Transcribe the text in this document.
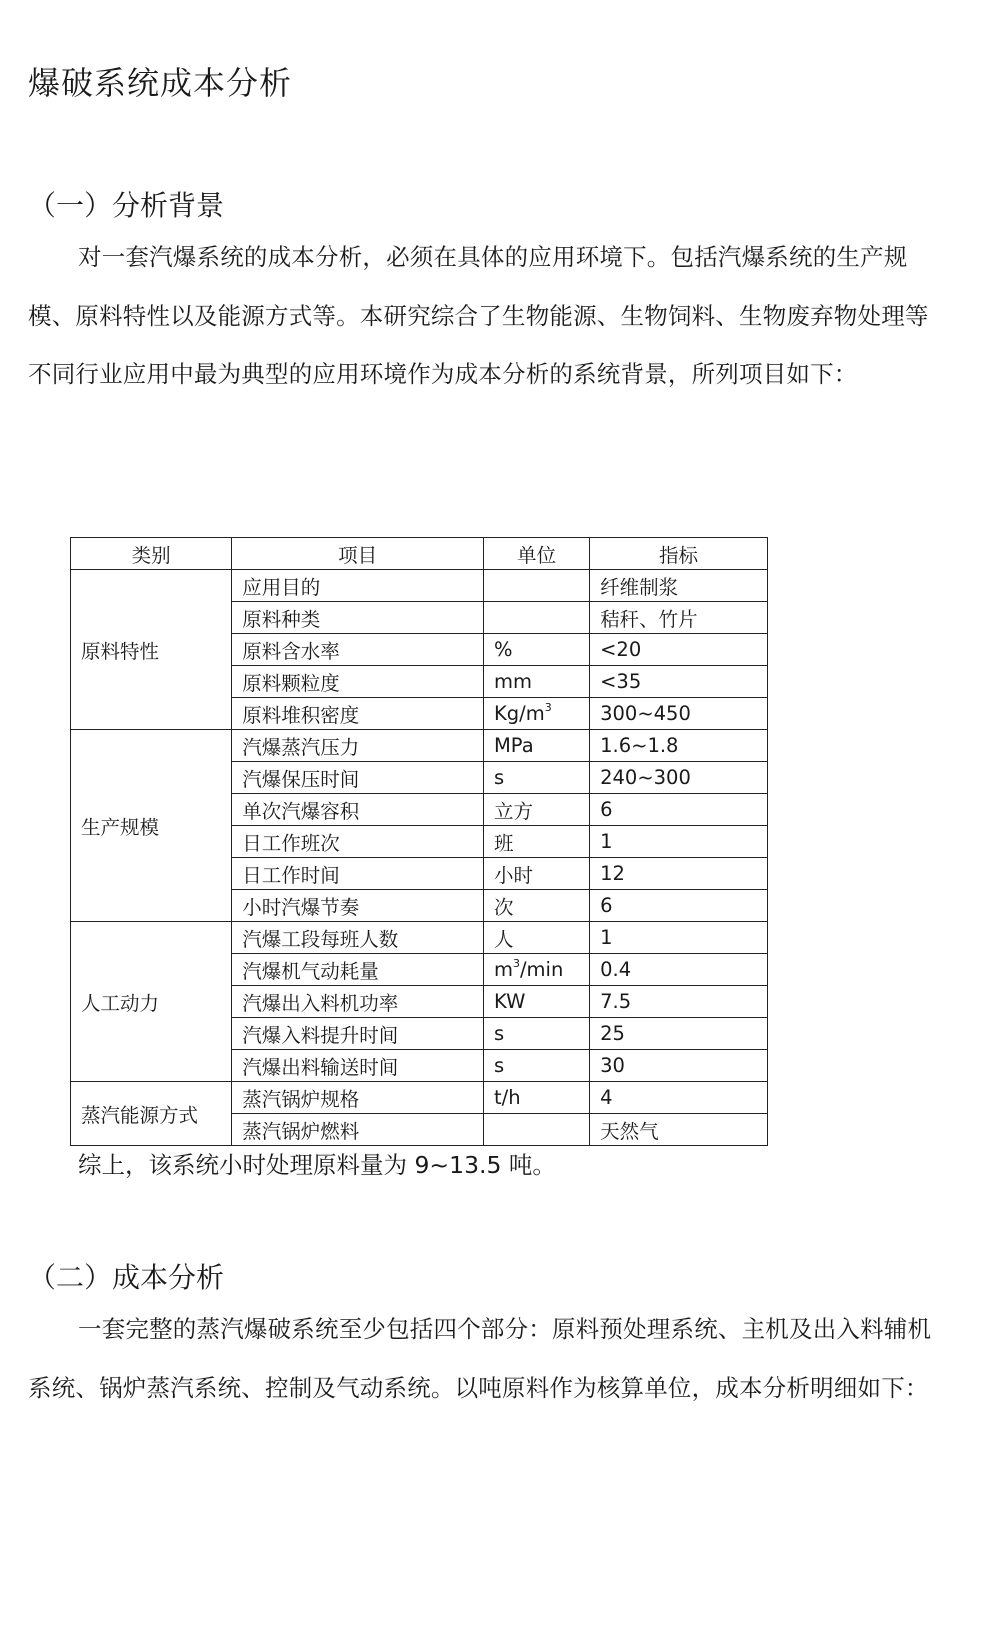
爆破系统成本分析
（一）分析背景

对一套汽爆系统的成本分析，必须在具体的应用环境下。包括汽爆系统的生产规模、原料特性以及能源方式等。本研究综合了生物能源、生物饲料、生物废弃物处理等不同行业应用中最为典型的应用环境作为成本分析的系统背景，所列项目如下：

类别	项目	单位	指标
原料特性	应用目的		纤维制浆
	原料种类		秸秆、竹片
	原料含水率	%	<20
	原料颗粒度	mm	<35
	原料堆积密度	$Kg/m^3$	300~450
生产规模	汽爆蒸汽压力	MPa	1.6~1.8
	汽爆保压时间	s	240~300
	单次汽爆容积	立方	6
	日工作班次	班	1
	日工作时间	小时	12
	小时汽爆节奏	次	6
人工动力	汽爆工段每班人数	人	1
	汽爆机气动耗量	$m^3/\min$	0.4
	汽爆出入料机功率	KW	7.5
	汽爆入料提升时间	s	25
	汽爆出料输送时间	s	30
蒸汽能源方式	蒸汽锅炉规格	t/h	4
	蒸汽锅炉燃料		天然气

综上，该系统小时处理原料量为 9~13.5 吨。

（二）成本分析

一套完整的蒸汽爆破系统至少包括四个部分：原料预处理系统、主机及出入料辅机系统、锅炉蒸汽系统、控制及气动系统。以吨原料作为核算单位，成本分析明细如下：
